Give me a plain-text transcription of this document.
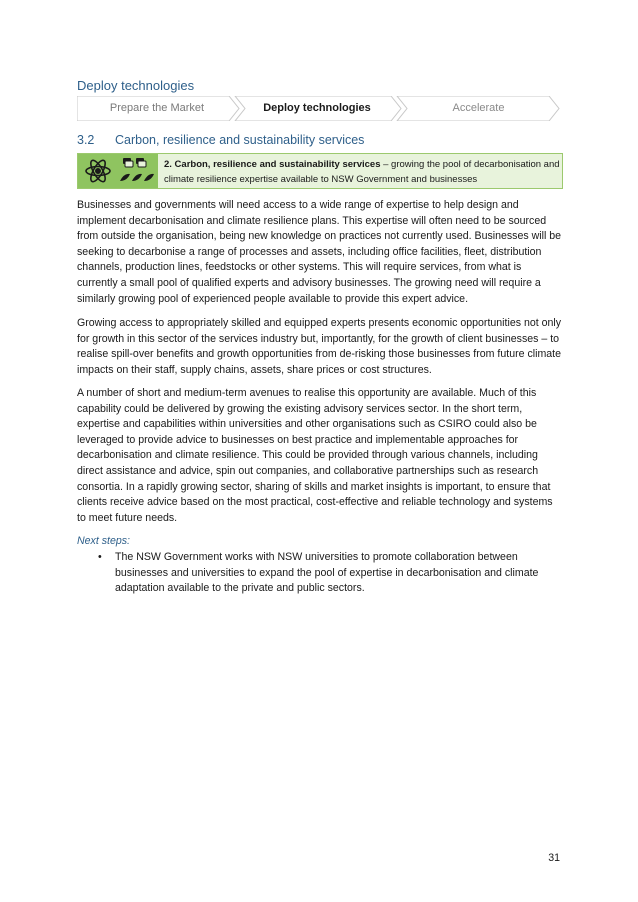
Deploy technologies
Prepare the Market	Deploy technologies	Accelerate
3.2 Carbon, resilience and sustainability services
2. Carbon, resilience and sustainability services – growing the pool of decarbonisation and climate resilience expertise available to NSW Government and businesses

Businesses and governments will need access to a wide range of expertise to help design and implement decarbonisation and climate resilience plans. This expertise will often need to be sourced from outside the organisation, being new knowledge on practices not currently used. Businesses will be seeking to decarbonise a range of processes and assets, including office facilities, fleet, distribution channels, production lines, feedstocks or other systems. This will require services, from what is currently a small pool of qualified experts and advisory businesses. The growing need will require a similarly growing pool of experienced people available to provide this expert advice.

Growing access to appropriately skilled and equipped experts presents economic opportunities not only for growth in this sector of the services industry but, importantly, for the growth of client businesses – to realise spill-over benefits and growth opportunities from de-risking those businesses from future climate impacts on their staff, supply chains, assets, share prices or cost structures.

A number of short and medium-term avenues to realise this opportunity are available. Much of this capability could be delivered by growing the existing advisory services sector. In the short term, expertise and capabilities within universities and other organisations such as CSIRO could also be leveraged to provide advice to businesses on best practice and implementable approaches for decarbonisation and climate resilience. This could be provided through various channels, including direct assistance and advice, spin out companies, and collaborative partnerships such as research consortia. In a rapidly growing sector, sharing of skills and market insights is important, to ensure that clients receive advice based on the most practical, cost-effective and reliable technology and systems to meet future needs.

Next steps:
• The NSW Government works with NSW universities to promote collaboration between businesses and universities to expand the pool of expertise in decarbonisation and climate adaptation available to the private and public sectors.
31
